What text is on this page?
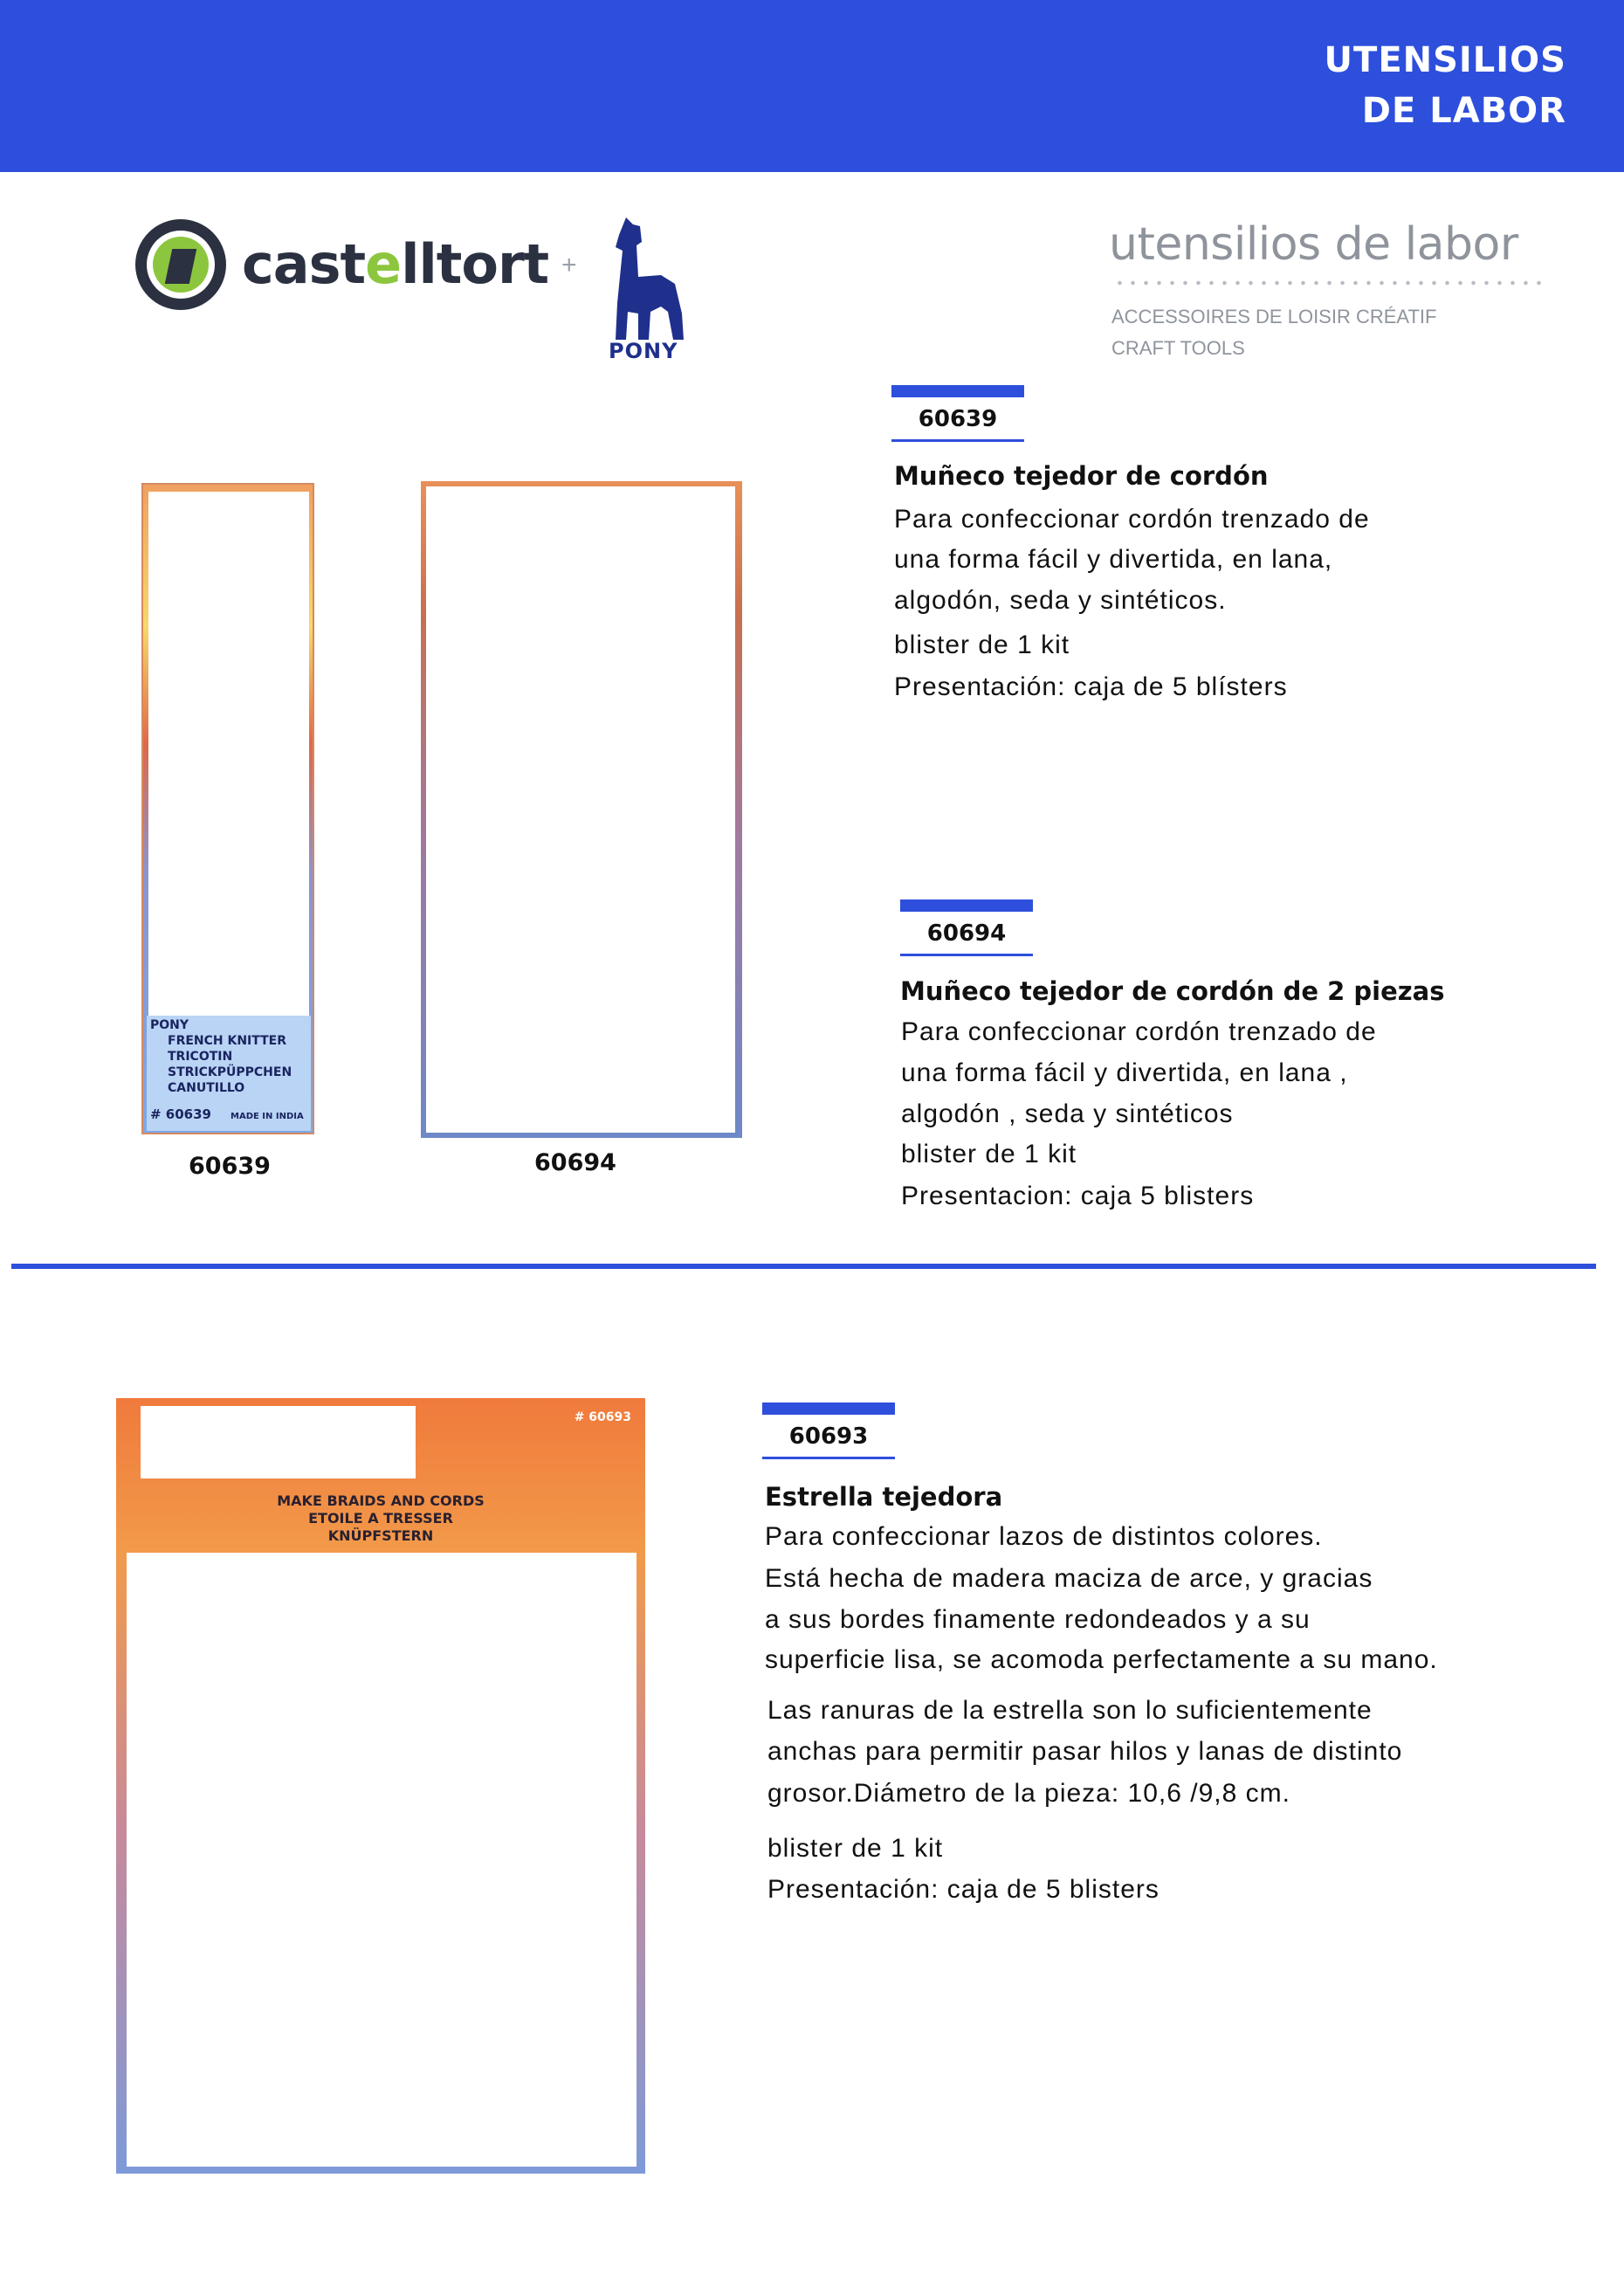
UTENSILIOS
DE LABOR
castelltort +
PONY
utensilios de labor
ACCESSOIRES DE LOISIR CRÉATIF
CRAFT TOOLS
PONY
FRENCH KNITTER
TRICOTIN
STRICKPÜPPCHEN
CANUTILLO
# 60639 MADE IN INDIA
60639	60694
60639
Muñeco tejedor de cordón
Para confeccionar cordón trenzado de
una forma fácil y divertida, en lana,
algodón, seda y sintéticos.
blister de 1 kit
Presentación: caja de 5 blísters
60694
Muñeco tejedor de cordón de 2 piezas
Para confeccionar cordón trenzado de
una forma fácil y divertida, en lana ,
algodón , seda y sintéticos
blister de 1 kit
Presentacion: caja 5 blisters
# 60693
MAKE BRAIDS AND CORDS
ETOILE A TRESSER
KNÜPFSTERN
60693
Estrella tejedora
Para confeccionar lazos de distintos colores.
Está hecha de madera maciza de arce, y gracias
a sus bordes finamente redondeados y a su
superficie lisa, se acomoda perfectamente a su mano.
Las ranuras de la estrella son lo suficientemente
anchas para permitir pasar hilos y lanas de distinto
grosor.Diámetro de la pieza: 10,6 /9,8 cm.
blister de 1 kit
Presentación: caja de 5 blisters
